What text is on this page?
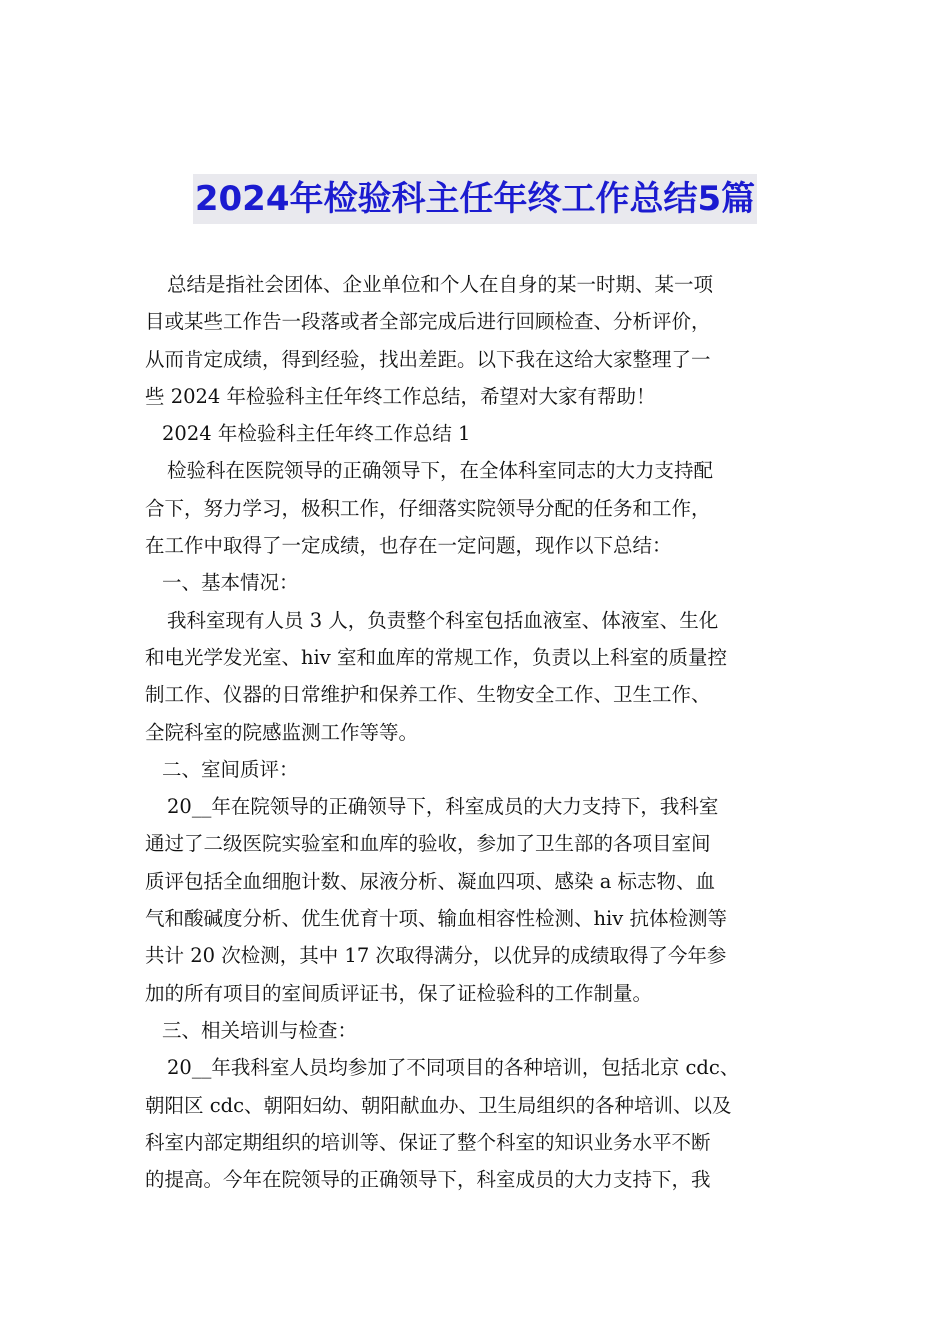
2024年检验科主任年终工作总结5篇
总结是指社会团体、企业单位和个人在自身的某一时期、某一项
目或某些工作告一段落或者全部完成后进行回顾检查、分析评价，
从而肯定成绩，得到经验，找出差距。以下我在这给大家整理了一
些 2024 年检验科主任年终工作总结，希望对大家有帮助！
2024 年检验科主任年终工作总结 1
检验科在医院领导的正确领导下，在全体科室同志的大力支持配
合下，努力学习，极积工作，仔细落实院领导分配的任务和工作，
在工作中取得了一定成绩，也存在一定问题，现作以下总结：
一、基本情况：
我科室现有人员 3 人，负责整个科室包括血液室、体液室、生化
和电光学发光室、hiv 室和血库的常规工作，负责以上科室的质量控
制工作、仪器的日常维护和保养工作、生物安全工作、卫生工作、
全院科室的院感监测工作等等。
二、室间质评：
20__年在院领导的正确领导下，科室成员的大力支持下，我科室
通过了二级医院实验室和血库的验收，参加了卫生部的各项目室间
质评包括全血细胞计数、尿液分析、凝血四项、感染 a 标志物、血
气和酸碱度分析、优生优育十项、输血相容性检测、hiv 抗体检测等
共计 20 次检测，其中 17 次取得满分，以优异的成绩取得了今年参
加的所有项目的室间质评证书，保了证检验科的工作制量。
三、相关培训与检查：
20__年我科室人员均参加了不同项目的各种培训，包括北京 cdc、
朝阳区 cdc、朝阳妇幼、朝阳献血办、卫生局组织的各种培训、以及
科室内部定期组织的培训等、保证了整个科室的知识业务水平不断
的提高。今年在院领导的正确领导下，科室成员的大力支持下，我
